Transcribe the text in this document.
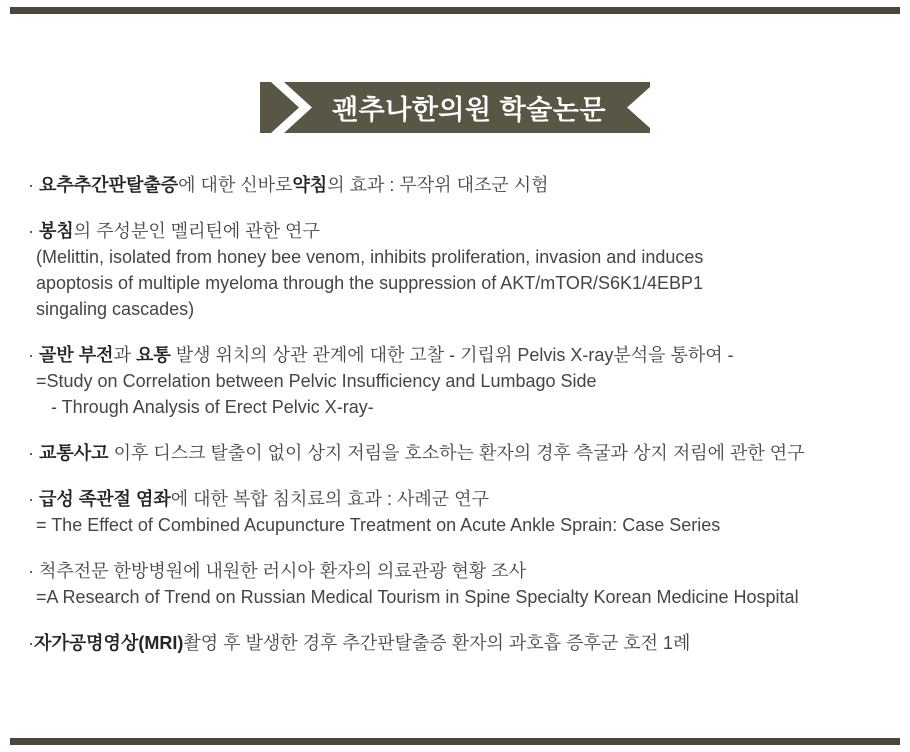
괜추나한의원 학술논문
· 요추추간판탈출증에 대한 신바로약침의 효과 : 무작위 대조군 시험
· 봉침의 주성분인 멜리틴에 관한 연구
(Melittin, isolated from honey bee venom, inhibits proliferation, invasion and induces
apoptosis of multiple myeloma through the suppression of AKT/mTOR/S6K1/4EBP1
singaling cascades)
· 골반 부전과 요통 발생 위치의 상관 관계에 대한 고찰 - 기립위 Pelvis X-ray분석을 통하여 -
=Study on Correlation between Pelvic Insufficiency and Lumbago Side
- Through Analysis of Erect Pelvic X-ray-
· 교통사고 이후 디스크 탈출이 없이 상지 저림을 호소하는 환자의 경후 측굴과 상지 저림에 관한 연구
· 급성 족관절 염좌에 대한 복합 침치료의 효과 : 사례군 연구
= The Effect of Combined Acupuncture Treatment on Acute Ankle Sprain: Case Series
· 척추전문 한방병원에 내원한 러시아 환자의 의료관광 현황 조사
=A Research of Trend on Russian Medical Tourism in Spine Specialty Korean Medicine Hospital
·자가공명영상(MRI)촬영 후 발생한 경후 추간판탈출증 환자의 과호흡 증후군 호전 1례
